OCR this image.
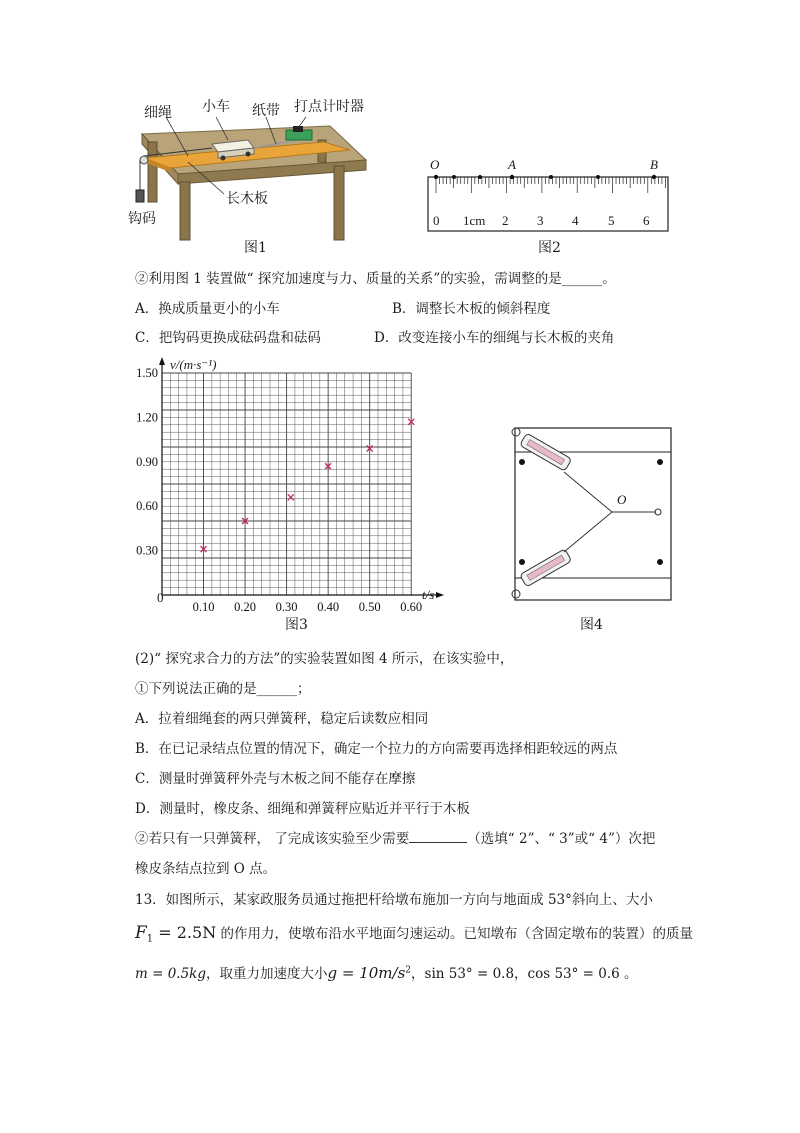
细绳 小车 纸带 打点计时器
长木板
钩码
图1
O	A	B
0 1cm 2 3 4 5 6
图2
②利用图 1 装置做“ 探究加速度与力、质量的关系”的实验，需调整的是______。
A．换成质量更小的小车	B．调整长木板的倾斜程度
C．把钩码更换成砝码盘和砝码	D．改变连接小车的细绳与长木板的夹角
0.10 0.20 0.30 0.40 0.50 0.60
0.30
0.60
0.90
1.20
1.50
v/(m·s⁻¹)
t/s
0
图3
O
图4
(2)“ 探究求合力的方法”的实验装置如图 4 所示，在该实验中，
①下列说法正确的是______；
A．拉着细绳套的两只弹簧秤，稳定后读数应相同
B．在已记录结点位置的情况下，确定一个拉力的方向需要再选择相距较远的两点
C．测量时弹簧秤外壳与木板之间不能存在摩擦
D．测量时，橡皮条、细绳和弹簧秤应贴近并平行于木板
②若只有一只弹簧秤， 了完成该实验至少需要	（选填“ 2”、“ 3”或“ 4”）次把
橡皮条结点拉到 O 点。
13．如图所示，某家政服务员通过拖把杆给墩布施加一方向与地面成 53°斜向上、大小
$F_1 = 2.5N$ 的作用力，使墩布沿水平地面匀速运动。已知墩布（含固定墩布的装置）的质量
m = 0.5kg，取重力加速度大小$g = 10m/s^2$，sin 53° = 0.8，cos 53° = 0.6 。
